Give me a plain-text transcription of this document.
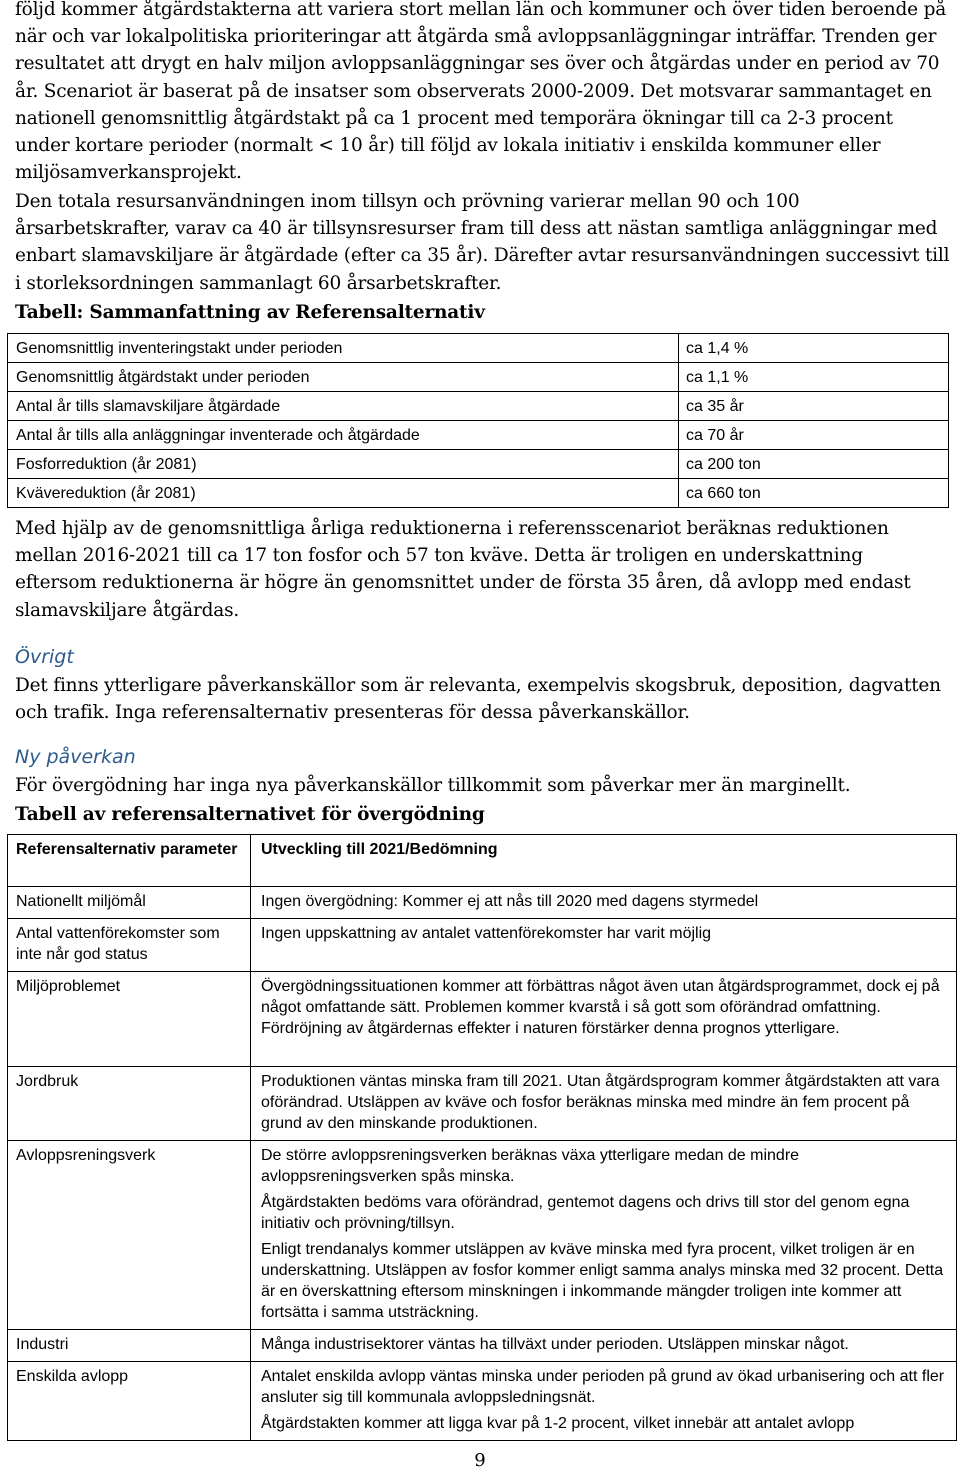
följd kommer åtgärdstakterna att variera stort mellan län och kommuner och över tiden beroende på när och var lokalpolitiska prioriteringar att åtgärda små avloppsanläggningar inträffar. Trenden ger resultatet att drygt en halv miljon avloppsanläggningar ses över och åtgärdas under en period av 70 år. Scenariot är baserat på de insatser som observerats 2000-2009. Det motsvarar sammantaget en nationell genomsnittlig åtgärdstakt på ca 1 procent med temporära ökningar till ca 2-3 procent under kortare perioder (normalt < 10 år) till följd av lokala initiativ i enskilda kommuner eller miljösamverkansprojekt.

Den totala resursanvändningen inom tillsyn och prövning varierar mellan 90 och 100 årsarbetskrafter, varav ca 40 är tillsynsresurser fram till dess att nästan samtliga anläggningar med enbart slamavskiljare är åtgärdade (efter ca 35 år). Därefter avtar resursanvändningen successivt till i storleksordningen sammanlagt 60 årsarbetskrafter.

Tabell: Sammanfattning av Referensalternativ
Genomsnittlig inventeringstakt under perioden	ca 1,4 %
Genomsnittlig åtgärdstakt under perioden	ca 1,1 %
Antal år tills slamavskiljare åtgärdade	ca 35 år
Antal år tills alla anläggningar inventerade och åtgärdade	ca 70 år
Fosforreduktion (år 2081)	ca 200 ton
Kvävereduktion (år 2081)	ca 660 ton

Med hjälp av de genomsnittliga årliga reduktionerna i referensscenariot beräknas reduktionen mellan 2016-2021 till ca 17 ton fosfor och 57 ton kväve. Detta är troligen en underskattning eftersom reduktionerna är högre än genomsnittet under de första 35 åren, då avlopp med endast slamavskiljare åtgärdas.

Övrigt

Det finns ytterligare påverkanskällor som är relevanta, exempelvis skogsbruk, deposition, dagvatten och trafik. Inga referensalternativ presenteras för dessa påverkanskällor.

Ny påverkan

För övergödning har inga nya påverkanskällor tillkommit som påverkar mer än marginellt.

Tabell av referensalternativet för övergödning
Referensalternativ parameter	Utveckling till 2021/Bedömning
Nationellt miljömål	Ingen övergödning: Kommer ej att nås till 2020 med dagens styrmedel
Antal vattenförekomster som inte når god status	Ingen uppskattning av antalet vattenförekomster har varit möjlig
Miljöproblemet	Övergödningssituationen kommer att förbättras något även utan åtgärdsprogrammet, dock ej på något omfattande sätt. Problemen kommer kvarstå i så gott som oförändrad omfattning. Fördröjning av åtgärdernas effekter i naturen förstärker denna prognos ytterligare.
Jordbruk	Produktionen väntas minska fram till 2021. Utan åtgärdsprogram kommer åtgärdstakten att vara oförändrad. Utsläppen av kväve och fosfor beräknas minska med mindre än fem procent på grund av den minskande produktionen.
Avloppsreningsverk	De större avloppsreningsverken beräknas växa ytterligare medan de mindre avloppsreningsverken spås minska.
Åtgärdstakten bedöms vara oförändrad, gentemot dagens och drivs till stor del genom egna initiativ och prövning/tillsyn.
Enligt trendanalys kommer utsläppen av kväve minska med fyra procent, vilket troligen är en underskattning. Utsläppen av fosfor kommer enligt samma analys minska med 32 procent. Detta är en överskattning eftersom minskningen i inkommande mängder troligen inte kommer att fortsätta i samma utsträckning.

Industri	Många industrisektorer väntas ha tillväxt under perioden. Utsläppen minskar något.
Enskilda avlopp	Antalet enskilda avlopp väntas minska under perioden på grund av ökad urbanisering och att fler ansluter sig till kommunala avloppsledningsnät.
Åtgärdstakten kommer att ligga kvar på 1-2 procent, vilket innebär att antalet avlopp
9
